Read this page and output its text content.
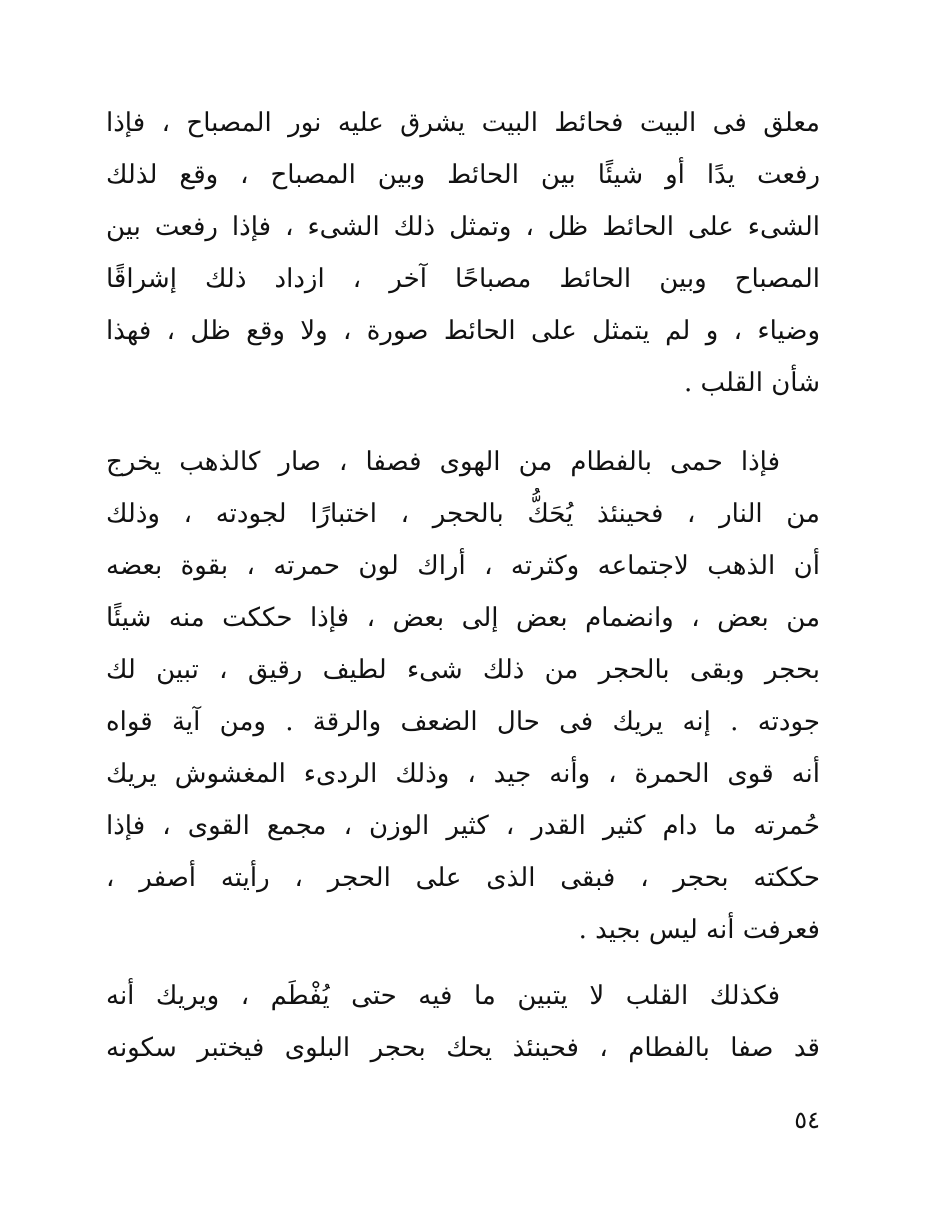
معلق فى البيت فحائط البيت يشرق عليه نور المصباح ، فإذا
رفعت يدًا أو شيئًا بين الحائط وبين المصباح ، وقع لذلك
الشىء على الحائط ظل ، وتمثل ذلك الشىء ، فإذا رفعت بين
المصباح وبين الحائط مصباحًا آخر ، ازداد ذلك إشراقًا
وضياء ، و لم يتمثل على الحائط صورة ، ولا وقع ظل ، فهذا
شأن القلب .
فإذا حمى بالفطام من الهوى فصفا ، صار كالذهب يخرج
من النار ، فحينئذ يُحَكُّ بالحجر ، اختبارًا لجودته ، وذلك
أن الذهب لاجتماعه وكثرته ، أراك لون حمرته ، بقوة بعضه
من بعض ، وانضمام بعض إلى بعض ، فإذا حككت منه شيئًا
بحجر وبقى بالحجر من ذلك شىء لطيف رقيق ، تبين لك
جودته . إنه يريك فى حال الضعف والرقة . ومن آية قواه
أنه قوى الحمرة ، وأنه جيد ، وذلك الردىء المغشوش يريك
حُمرته ما دام كثير القدر ، كثير الوزن ، مجمع القوى ، فإذا
حككته بحجر ، فبقى الذى على الحجر ، رأيته أصفر ،
فعرفت أنه ليس بجيد .
فكذلك القلب لا يتبين ما فيه حتى يُفْطَم ، ويريك أنه
قد صفا بالفطام ، فحينئذ يحك بحجر البلوى فيختبر سكونه
٥٤
